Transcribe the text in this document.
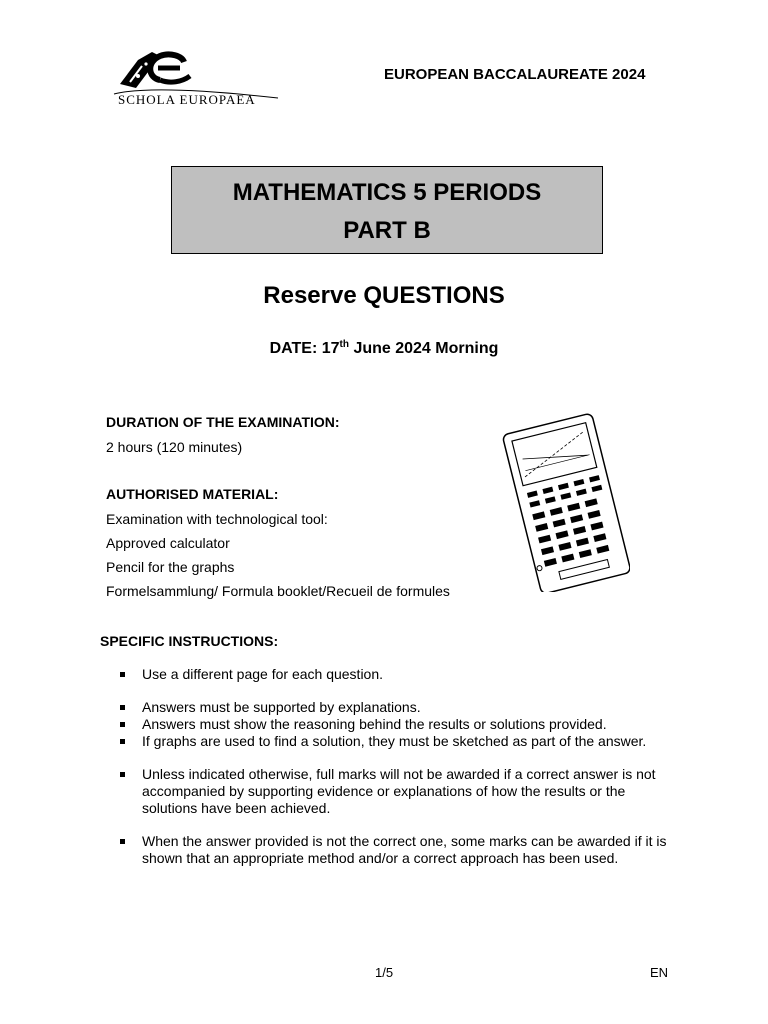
SCHOLA EUROPAEA
EUROPEAN BACCALAUREATE 2024
MATHEMATICS 5 PERIODS
PART B
Reserve QUESTIONS
DATE: 17th June 2024 Morning
DURATION OF THE EXAMINATION:
2 hours (120 minutes)
AUTHORISED MATERIAL:
Examination with technological tool:
Approved calculator
Pencil for the graphs
Formelsammlung/ Formula booklet/Recueil de formules
SPECIFIC INSTRUCTIONS:
Use a different page for each question.
Answers must be supported by explanations.
Answers must show the reasoning behind the results or solutions provided.
If graphs are used to find a solution, they must be sketched as part of the answer.
Unless indicated otherwise, full marks will not be awarded if a correct answer is not accompanied by supporting evidence or explanations of how the results or the solutions have been achieved.
When the answer provided is not the correct one, some marks can be awarded if it is shown that an appropriate method and/or a correct approach has been used.
1/5	EN
